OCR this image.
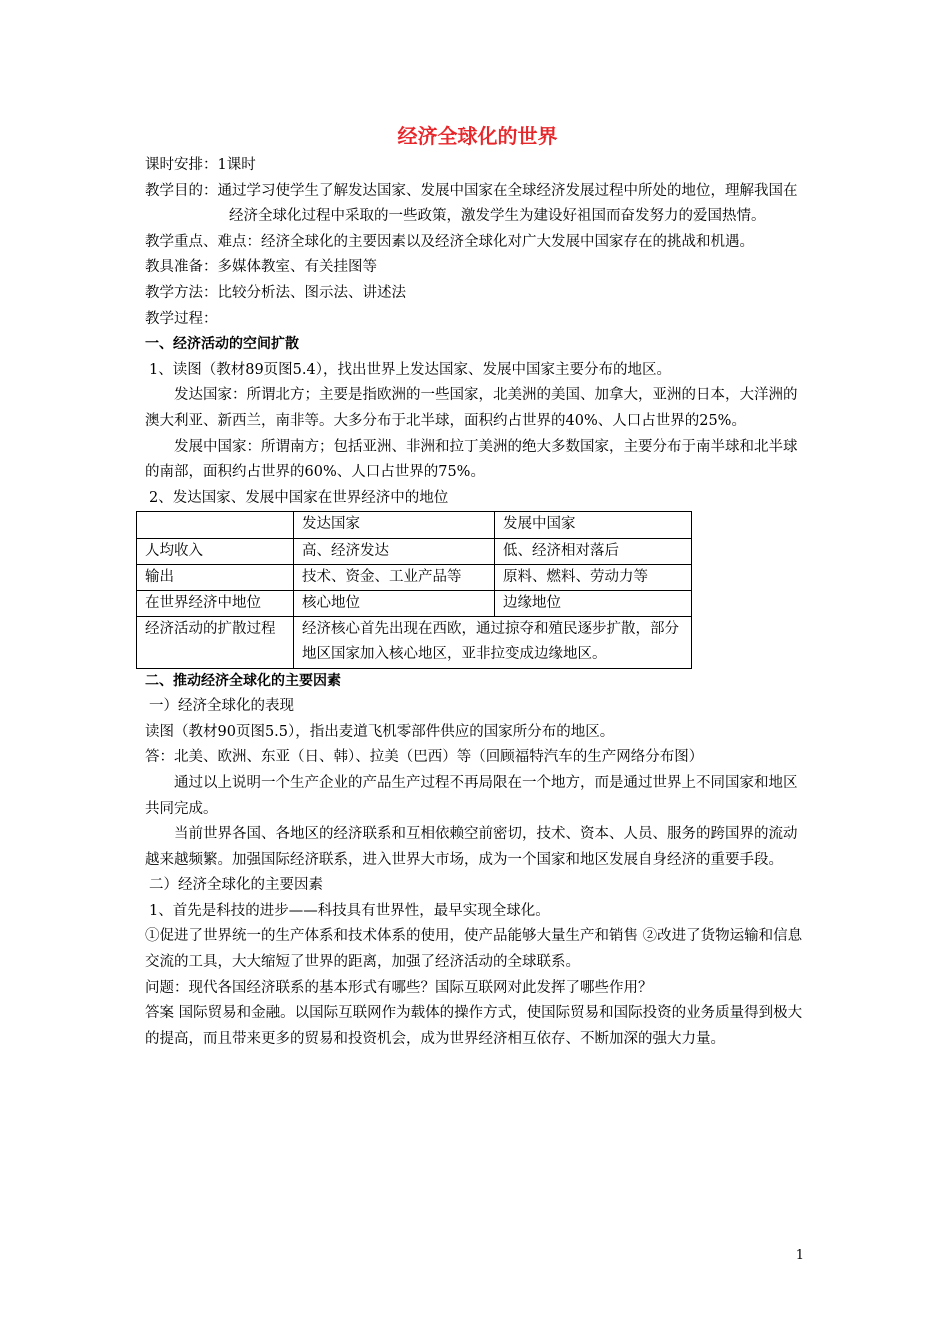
经济全球化的世界

课时安排：1课时

教学目的：通过学习使学生了解发达国家、发展中国家在全球经济发展过程中所处的地位，理解我国在经济全球化过程中采取的一些政策，激发学生为建设好祖国而奋发努力的爱国热情。

教学重点、难点：经济全球化的主要因素以及经济全球化对广大发展中国家存在的挑战和机遇。

教具准备：多媒体教室、有关挂图等

教学方法：比较分析法、图示法、讲述法

教学过程：

一、经济活动的空间扩散

1、读图（教材89页图5.4），找出世界上发达国家、发展中国家主要分布的地区。

发达国家：所谓北方；主要是指欧洲的一些国家，北美洲的美国、加拿大，亚洲的日本，大洋洲的澳大利亚、新西兰，南非等。大多分布于北半球，面积约占世界的40%、人口占世界的25%。

发展中国家：所谓南方；包括亚洲、非洲和拉丁美洲的绝大多数国家，主要分布于南半球和北半球的南部，面积约占世界的60%、人口占世界的75%。

2、发达国家、发展中国家在世界经济中的地位

	发达国家	发展中国家
人均收入	高、经济发达	低、经济相对落后
输出	技术、资金、工业产品等	原料、燃料、劳动力等
在世界经济中地位	核心地位	边缘地位
经济活动的扩散过程	经济核心首先出现在西欧，通过掠夺和殖民逐步扩散，部分地区国家加入核心地区，亚非拉变成边缘地区。	

二、推动经济全球化的主要因素

一）经济全球化的表现

读图（教材90页图5.5），指出麦道飞机零部件供应的国家所分布的地区。

答：北美、欧洲、东亚（日、韩）、拉美（巴西）等（回顾福特汽车的生产网络分布图）

通过以上说明一个生产企业的产品生产过程不再局限在一个地方，而是通过世界上不同国家和地区共同完成。

当前世界各国、各地区的经济联系和互相依赖空前密切，技术、资本、人员、服务的跨国界的流动越来越频繁。加强国际经济联系，进入世界大市场，成为一个国家和地区发展自身经济的重要手段。

二）经济全球化的主要因素

1、首先是科技的进步——科技具有世界性，最早实现全球化。

①促进了世界统一的生产体系和技术体系的使用，使产品能够大量生产和销售 ②改进了货物运输和信息交流的工具，大大缩短了世界的距离，加强了经济活动的全球联系。

问题：现代各国经济联系的基本形式有哪些？国际互联网对此发挥了哪些作用？

答案 国际贸易和金融。以国际互联网作为载体的操作方式，使国际贸易和国际投资的业务质量得到极大的提高，而且带来更多的贸易和投资机会，成为世界经济相互依存、不断加深的强大力量。

1
